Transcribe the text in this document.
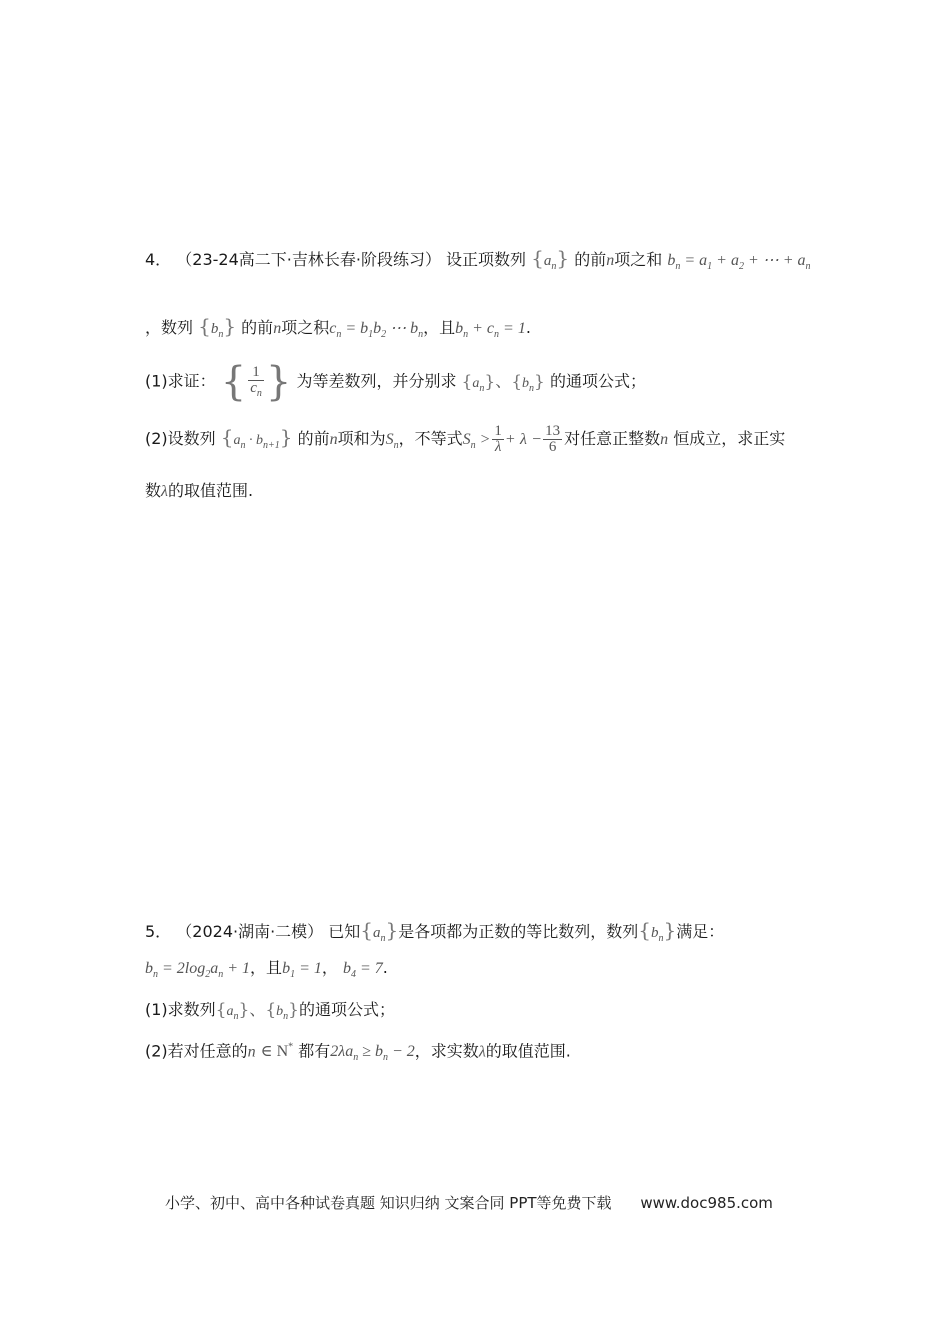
4． （23-24高二下·吉林长春·阶段练习） 设正项数列 $\{a_n\}$ 的前n项之和 $b_n = a_1 + a_2$ + ⋯ + $a_n$
，数列 $\{b_n\}$ 的前n项之积$c_n = b_1b_2$ ⋯ $b_n$，且$b_n + c_n = 1$.
(1)求证： { $\frac{1}{c_n}$ } 为等差数列，并分别求 $\{a_n\}$、$\{b_n\}$ 的通项公式；
(2)设数列 $\{a_n \cdot b_{n+1}\}$ 的前n项和为$S_n$，不等式$S_n > \frac{1}{\lambda} + \lambda - \frac{13}{6}$ 对任意正整数n 恒成立，求正实
数λ的取值范围.
5． （2024·湖南·二模） 已知$\{a_n\}$是各项都为正数的等比数列，数列$\{b_n\}$满足：
$b_n = 2\log_2a_n + 1$，且$b_1 = 1$， $b_4 = 7$.
(1)求数列$\{a_n\}$、$\{b_n\}$的通项公式；
(2)若对任意的n ∈ N* 都有$2\lambda a_n \ge b_n - 2$，求实数λ的取值范围.
小学、初中、高中各种试卷真题 知识归纳 文案合同 PPT等免费下载 www.doc985.com
